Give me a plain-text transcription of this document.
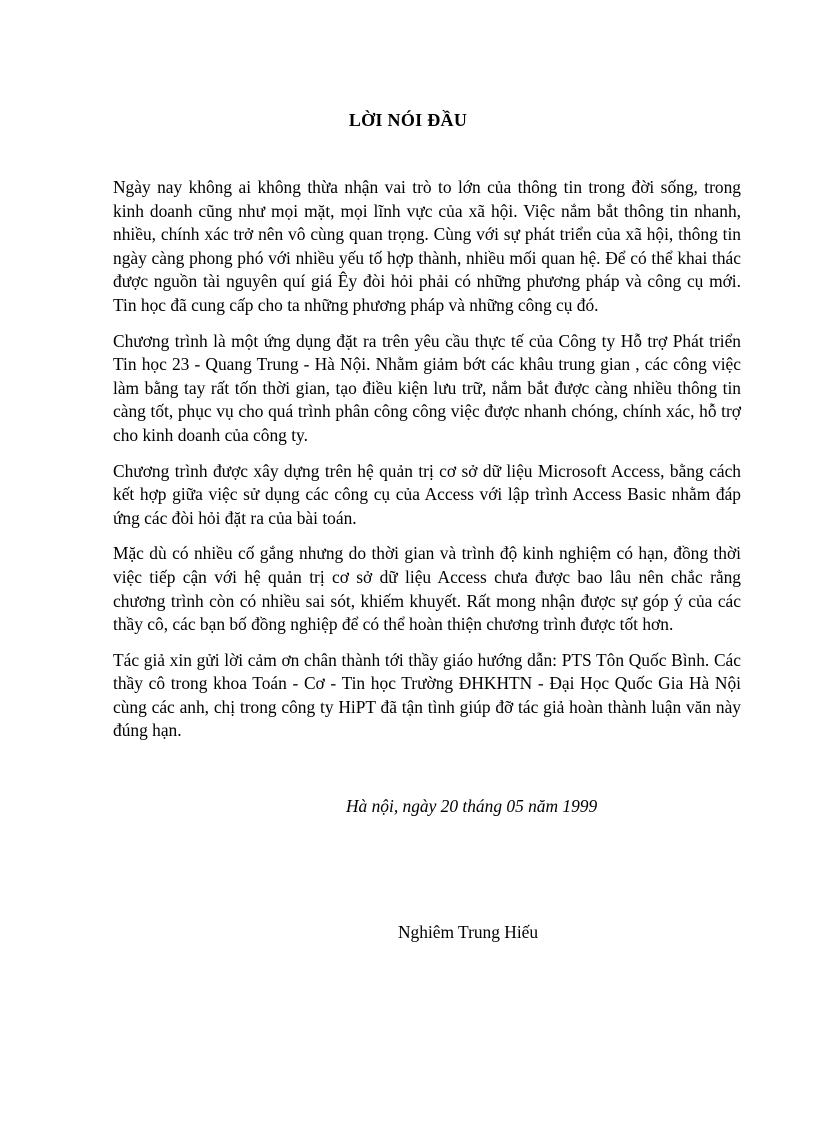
LỜI NÓI ĐẦU

Ngày nay không ai không thừa nhận vai trò to lớn của thông tin trong đời sống, trong kinh doanh cũng như mọi mặt, mọi lĩnh vực của xã hội. Việc nắm bắt thông tin nhanh, nhiều, chính xác trở nên vô cùng quan trọng. Cùng với sự phát triển của xã hội, thông tin ngày càng phong phó với nhiều yếu tố hợp thành, nhiều mối quan hệ. Để có thể khai thác được nguồn tài nguyên quí giá Êy đòi hỏi phải có những phương pháp và công cụ mới. Tin học đã cung cấp cho ta những phương pháp và những công cụ đó.

Chương trình là một ứng dụng đặt ra trên yêu cầu thực tế của Công ty Hỗ trợ Phát triển Tin học 23 - Quang Trung - Hà Nội. Nhằm giảm bớt các khâu trung gian , các công việc làm bằng tay rất tốn thời gian, tạo điều kiện lưu trữ, nắm bắt được càng nhiều thông tin càng tốt, phục vụ cho quá trình phân công công việc được nhanh chóng, chính xác, hỗ trợ cho kinh doanh của công ty.

Chương trình được xây dựng trên hệ quản trị cơ sở dữ liệu Microsoft Access, bằng cách kết hợp giữa việc sử dụng các công cụ của Access với lập trình Access Basic nhằm đáp ứng các đòi hỏi đặt ra của bài toán.

Mặc dù có nhiều cố gắng nhưng do thời gian và trình độ kinh nghiệm có hạn, đồng thời việc tiếp cận với hệ quản trị cơ sở dữ liệu Access chưa được bao lâu nên chắc rằng chương trình còn có nhiều sai sót, khiếm khuyết. Rất mong nhận được sự góp ý của các thầy cô, các bạn bố đồng nghiệp để có thể hoàn thiện chương trình được tốt hơn.

Tác giả xin gửi lời cảm ơn chân thành tới thầy giáo hướng dẫn: PTS Tôn Quốc Bình. Các thầy cô trong khoa Toán - Cơ - Tin học Trường ĐHKHTN - Đại Học Quốc Gia Hà Nội cùng các anh, chị trong công ty HiPT đã tận tình giúp đỡ tác giả hoàn thành luận văn này đúng hạn.

Hà nội, ngày 20 tháng 05 năm 1999
Nghiêm Trung Hiếu
